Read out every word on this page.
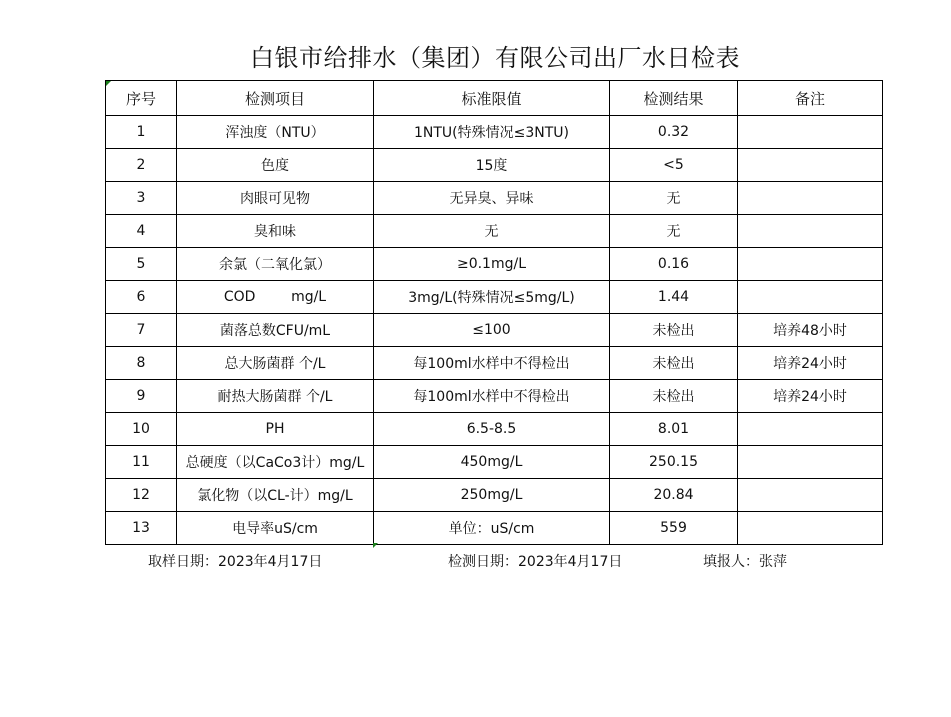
白银市给排水（集团）有限公司出厂水日检表
序号	检测项目	标准限值	检测结果	备注
1	浑浊度（NTU）	1NTU(特殊情况≤3NTU)	0.32	
2	色度	15度	<5	
3	肉眼可见物	无异臭、异味	无	
4	臭和味	无	无	
5	余氯（二氧化氯）	≥0.1mg/L	0.16	
6	COD        mg/L	3mg/L(特殊情况≤5mg/L)	1.44	
7	菌落总数CFU/mL	≤100	未检出	培养48小时
8	总大肠菌群 个/L	每100ml水样中不得检出	未检出	培养24小时
9	耐热大肠菌群 个/L	每100ml水样中不得检出	未检出	培养24小时
10	PH	6.5-8.5	8.01	
11	总硬度（以CaCo3计）mg/L	450mg/L	250.15	
12	氯化物（以CL-计）mg/L	250mg/L	20.84	
13	电导率uS/cm	单位：uS/cm	559	
取样日期：2023年4月17日	检测日期：2023年4月17日	填报人：张萍
